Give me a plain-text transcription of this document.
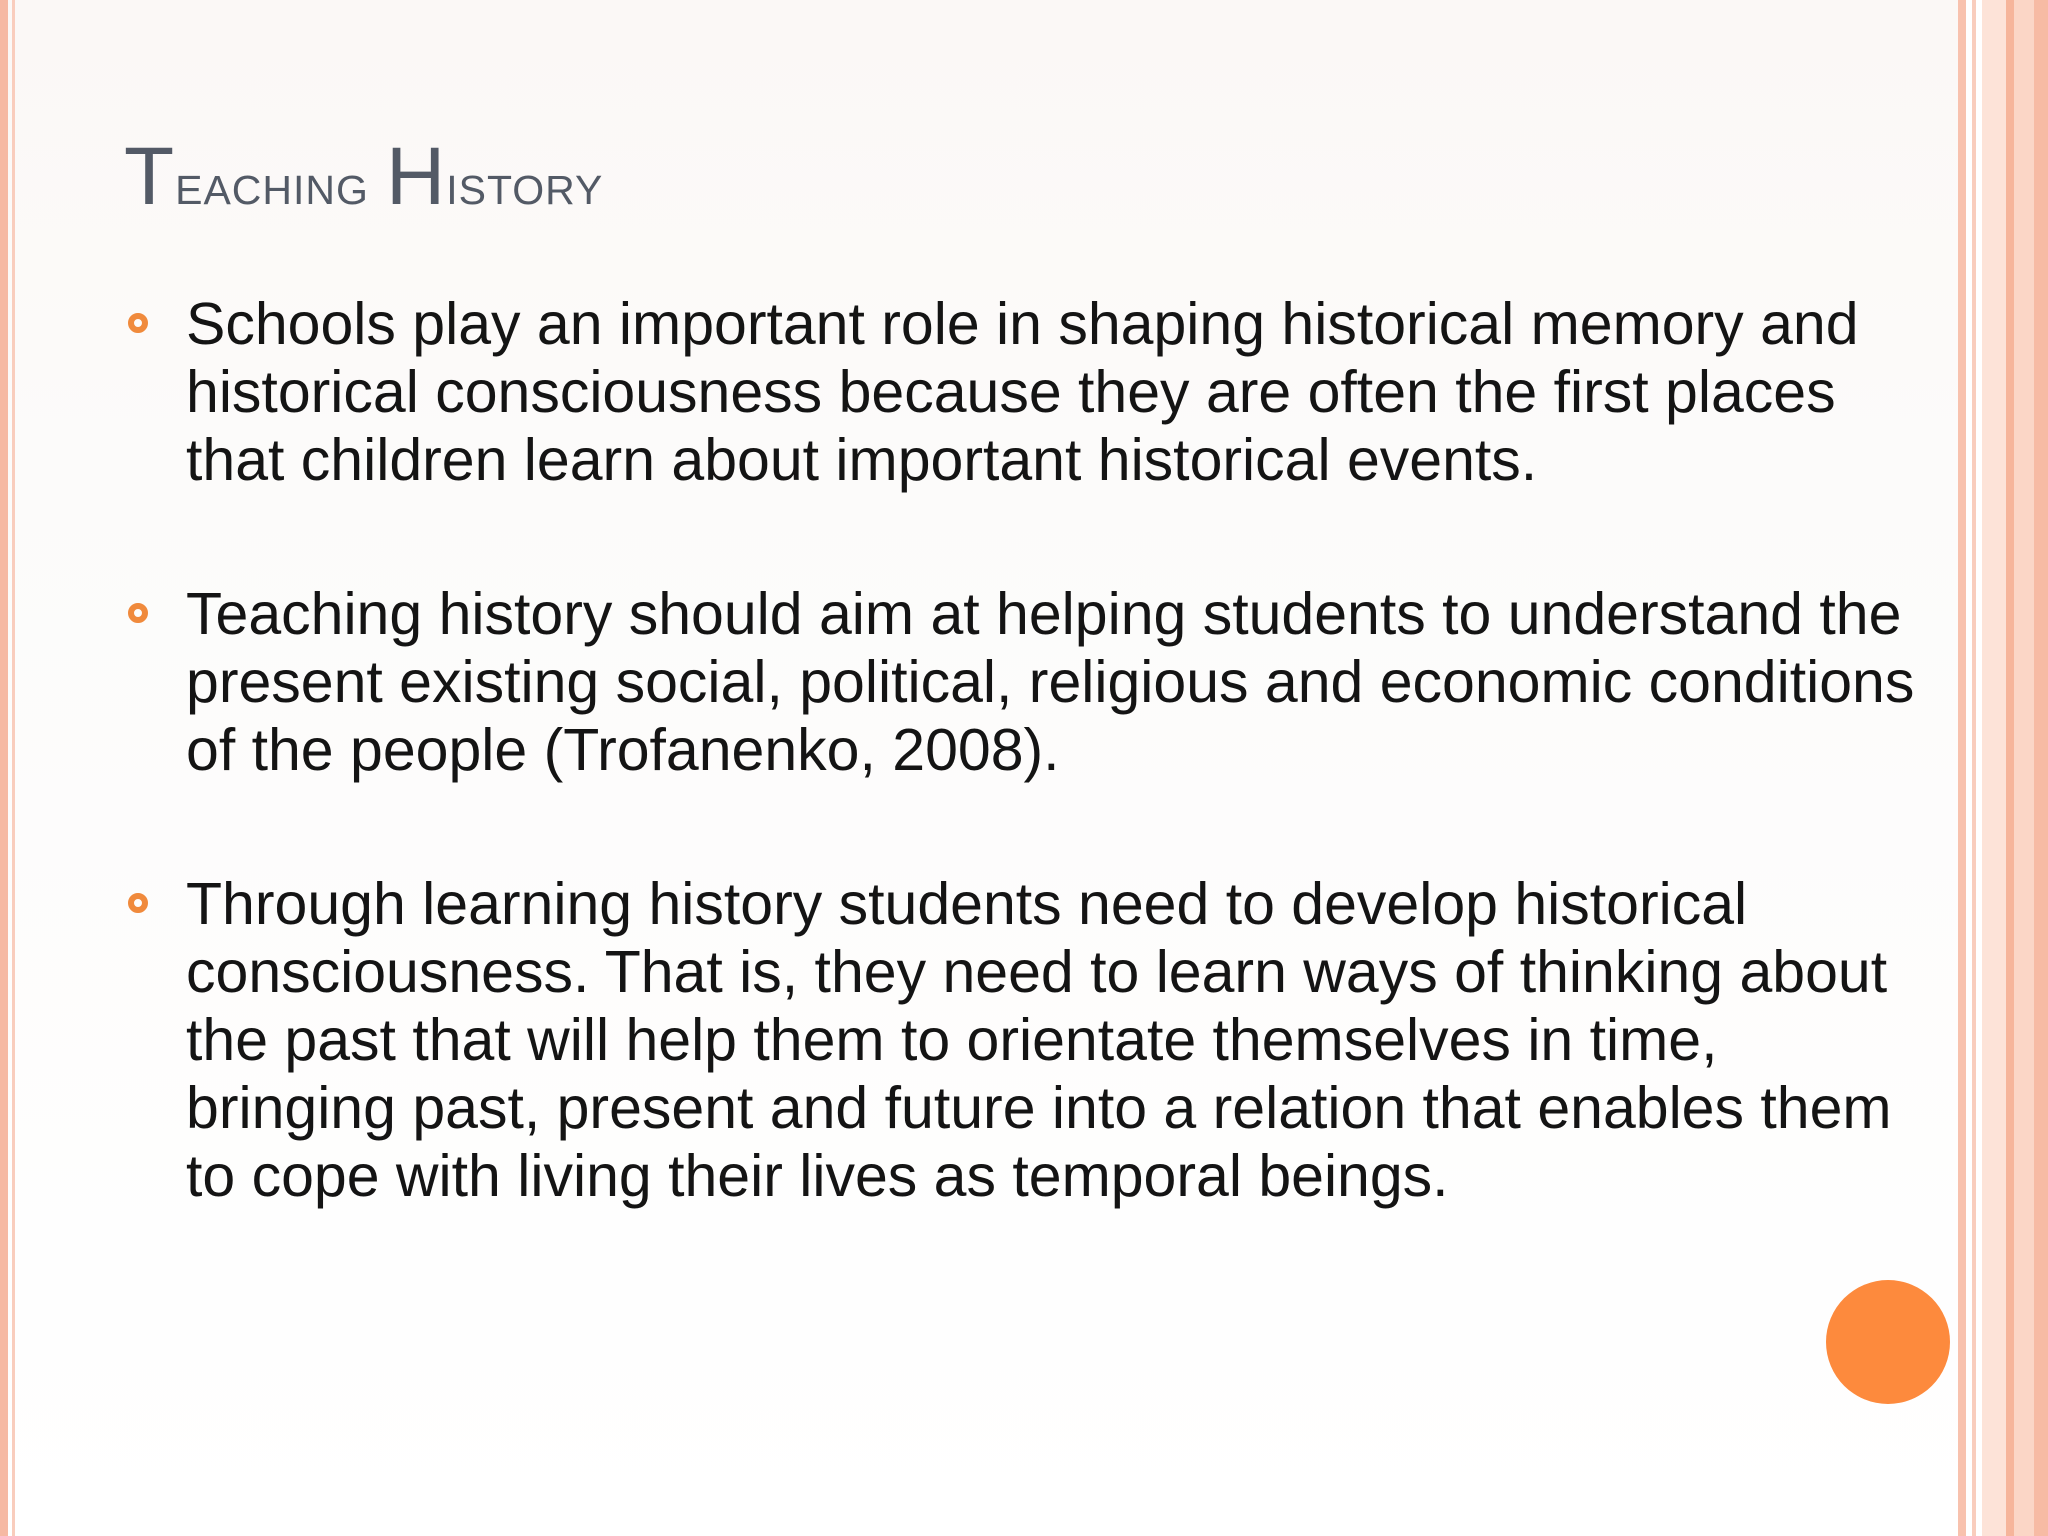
Teaching History
Schools play an important role in shaping historical memory and historical consciousness because they are often the first places that children learn about important historical events.
Teaching history should aim at helping students to understand the present existing social, political, religious and economic conditions of the people (Trofanenko, 2008).
Through learning history students need to develop historical consciousness. That is, they need to learn ways of thinking about the past that will help them to orientate themselves in time, bringing past, present and future into a relation that enables them to cope with living their lives as temporal beings.
